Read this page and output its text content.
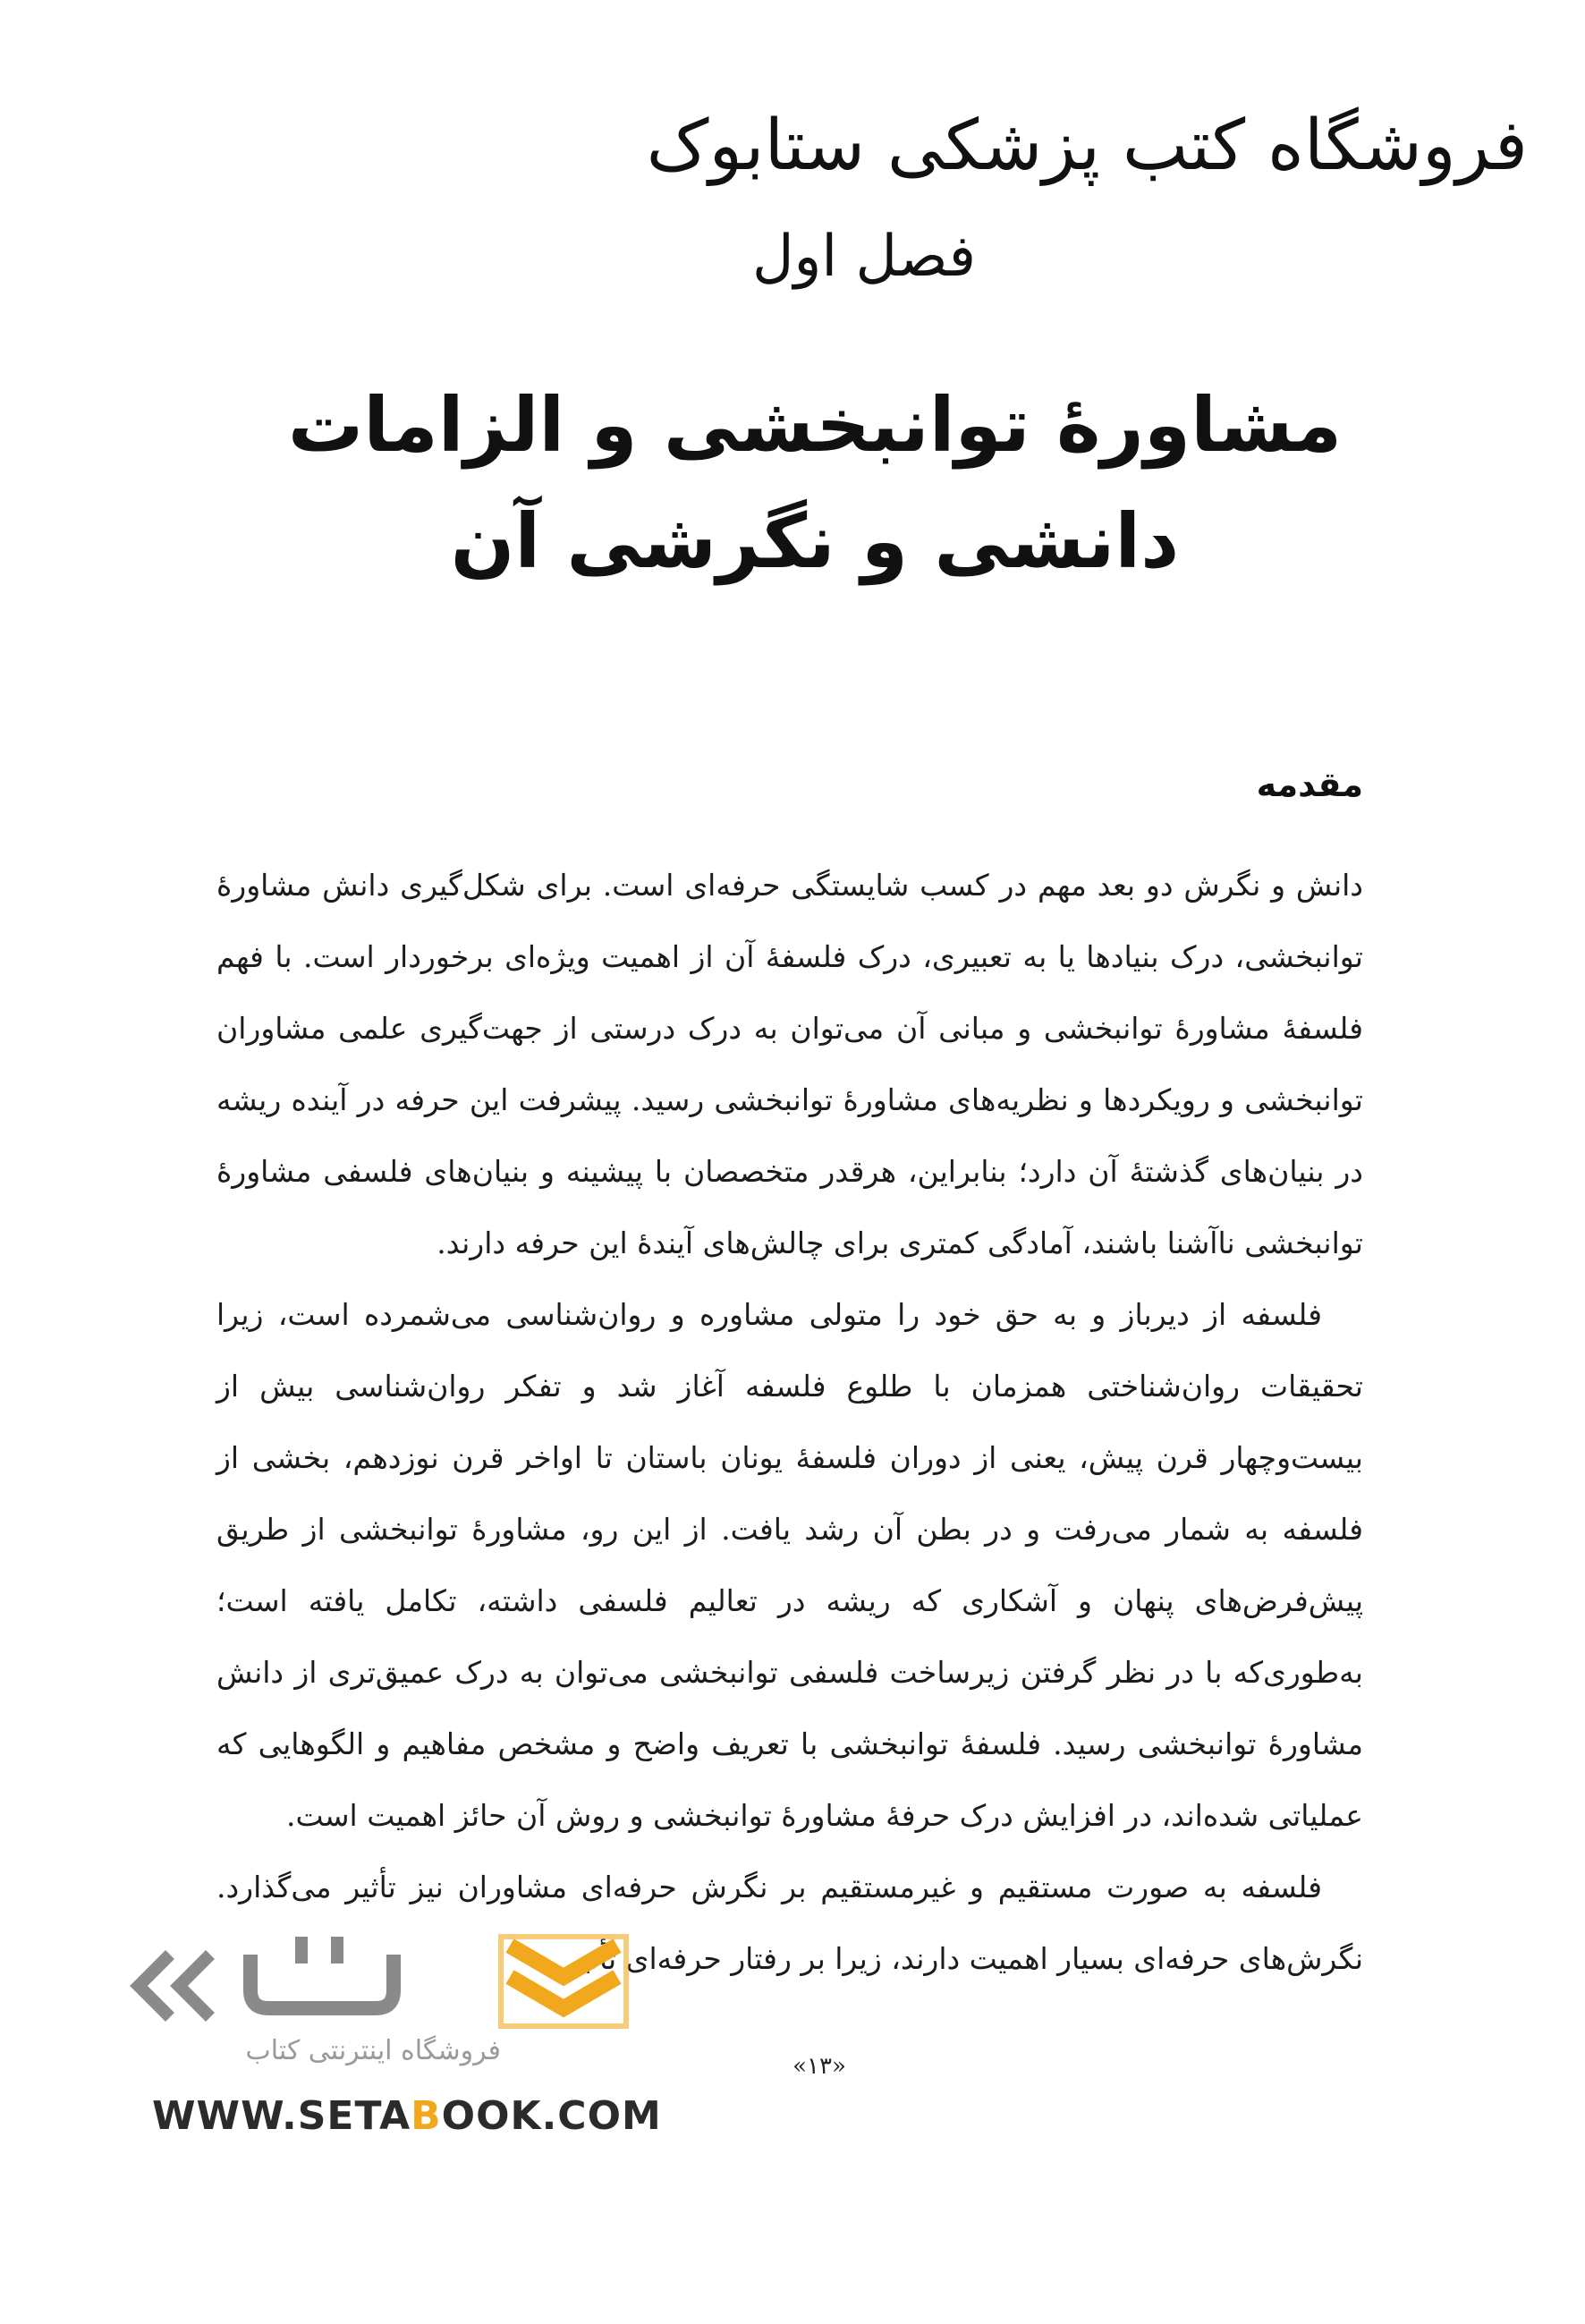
فروشگاه کتب پزشکی ستابوک
فصل اول
مشاورۀ توانبخشی و الزامات
دانشی و نگرشی آن
مقدمه

دانش و نگرش دو بعد مهم در کسب شایستگی حرفه‌ای است. برای شکل‌گیری دانش مشاورۀ توانبخشی، درک بنیادها یا به تعبیری، درک فلسفۀ آن از اهمیت ویژه‌ای برخوردار است. با فهم فلسفۀ مشاورۀ توانبخشی و مبانی آن می‌توان به درک درستی از جهت‌گیری علمی مشاوران توانبخشی و رویکردها و نظریه‌های مشاورۀ توانبخشی رسید. پیشرفت این حرفه در آینده ریشه در بنیان‌های گذشتۀ آن دارد؛ بنابراین، هرقدر متخصصان با پیشینه و بنیان‌های فلسفی مشاورۀ توانبخشی ناآشنا باشند، آمادگی کمتری برای چالش‌های آیندۀ این حرفه دارند.

فلسفه از دیرباز و به حق خود را متولی مشاوره و روان‌شناسی می‌شمرده است، زیرا تحقیقات روان‌شناختی همزمان با طلوع فلسفه آغاز شد و تفکر روان‌شناسی بیش از بیست‌وچهار قرن پیش، یعنی از دوران فلسفۀ یونان باستان تا اواخر قرن نوزدهم، بخشی از فلسفه به شمار می‌رفت و در بطن آن رشد یافت. از این رو، مشاورۀ توانبخشی از طریق پیش‌فرض‌های پنهان و آشکاری که ریشه در تعالیم فلسفی داشته، تکامل یافته است؛ به‌طوری‌که با در نظر گرفتن زیرساخت فلسفی توانبخشی می‌توان به درک عمیق‌تری از دانش مشاورۀ توانبخشی رسید. فلسفۀ توانبخشی با تعریف واضح و مشخص مفاهیم و الگوهایی که عملیاتی شده‌اند، در افزایش درک حرفۀ مشاورۀ توانبخشی و روش آن حائز اهمیت است.

فلسفه به صورت مستقیم و غیرمستقیم بر نگرش حرفه‌ای مشاوران نیز تأثیر می‌گذارد. نگرش‌های حرفه‌ای بسیار اهمیت دارند، زیرا بر رفتار حرفه‌ای تأثیر

«۱۳»
فروشگاه اینترنتی کتاب
WWW.SETABOOK.COM
